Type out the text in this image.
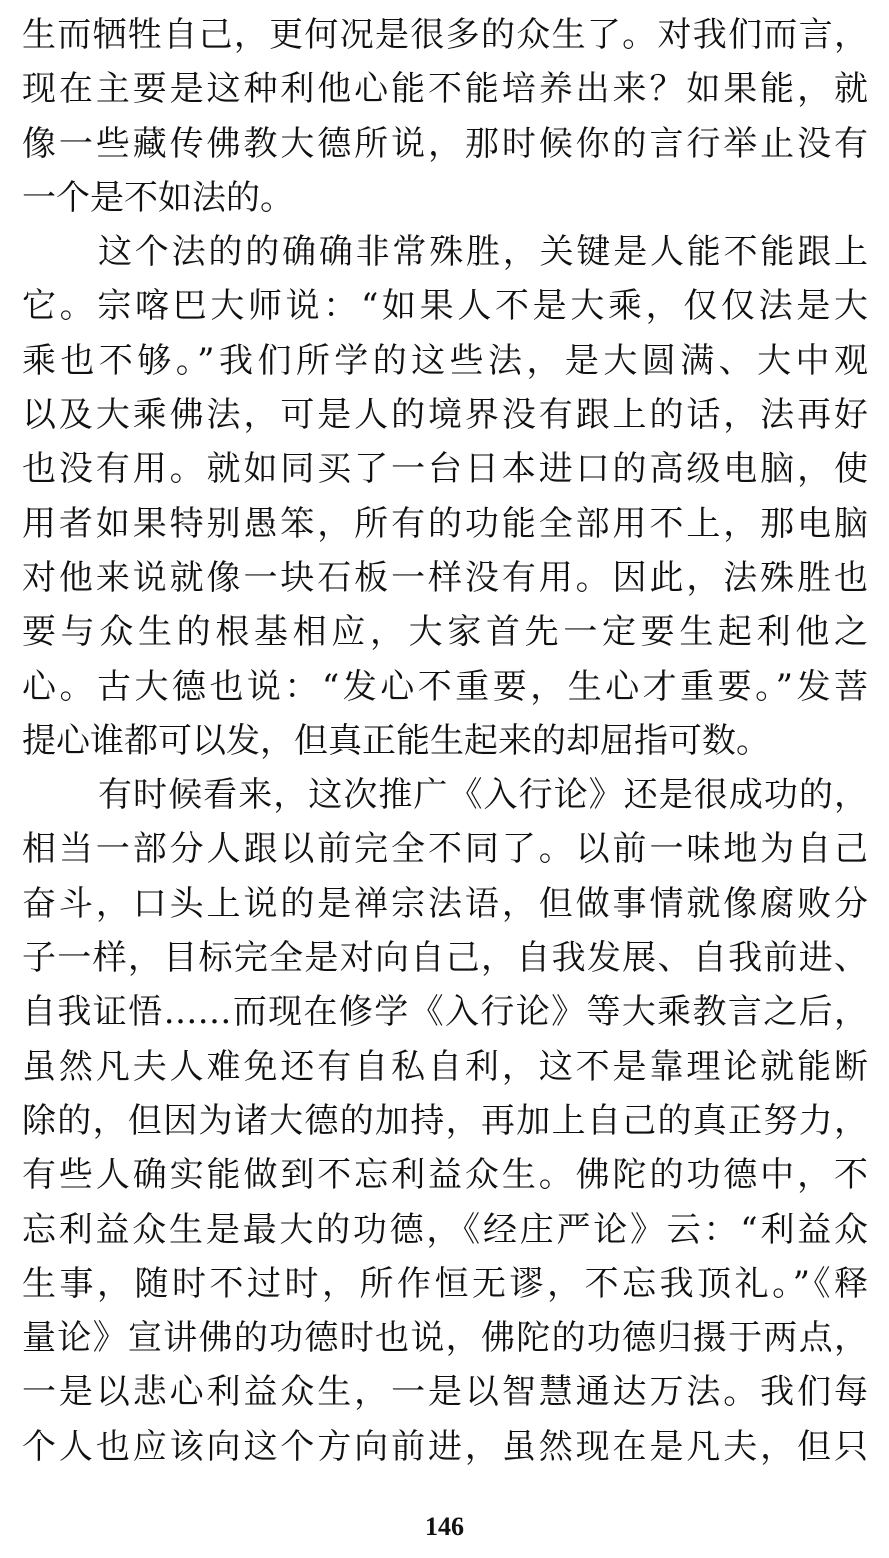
生而牺牲自己，更何况是很多的众生了。对我们而言，
现在主要是这种利他心能不能培养出来？如果能，就
像一些藏传佛教大德所说，那时候你的言行举止没有
一个是不如法的。
这个法的的确确非常殊胜，关键是人能不能跟上
它。宗喀巴大师说：“如果人不是大乘，仅仅法是大
乘也不够。”我们所学的这些法，是大圆满、大中观
以及大乘佛法，可是人的境界没有跟上的话，法再好
也没有用。就如同买了一台日本进口的高级电脑，使
用者如果特别愚笨，所有的功能全部用不上，那电脑
对他来说就像一块石板一样没有用。因此，法殊胜也
要与众生的根基相应，大家首先一定要生起利他之
心。古大德也说：“发心不重要，生心才重要。”发菩
提心谁都可以发，但真正能生起来的却屈指可数。
有时候看来，这次推广《入行论》还是很成功的，
相当一部分人跟以前完全不同了。以前一味地为自己
奋斗，口头上说的是禅宗法语，但做事情就像腐败分
子一样，目标完全是对向自己，自我发展、自我前进、
自我证悟……而现在修学《入行论》等大乘教言之后，
虽然凡夫人难免还有自私自利，这不是靠理论就能断
除的，但因为诸大德的加持，再加上自己的真正努力，
有些人确实能做到不忘利益众生。佛陀的功德中，不
忘利益众生是最大的功德，《经庄严论》云：“利益众
生事，随时不过时，所作恒无谬，不忘我顶礼。”《释
量论》宣讲佛的功德时也说，佛陀的功德归摄于两点，
一是以悲心利益众生，一是以智慧通达万法。我们每
个人也应该向这个方向前进，虽然现在是凡夫，但只
146
